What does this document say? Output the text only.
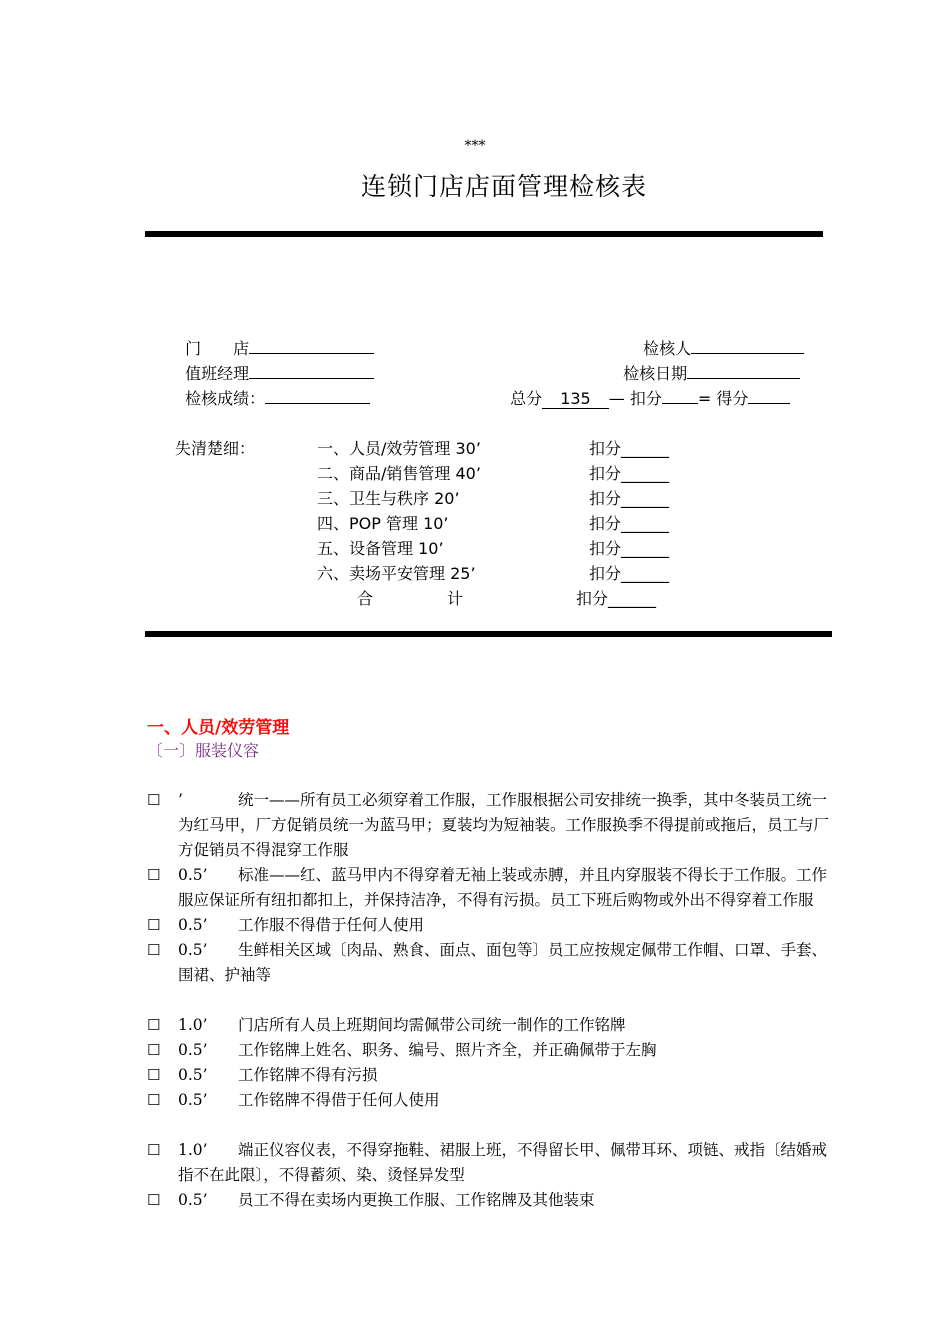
***
连锁门店店面管理检核表

门　　店

值班经理

检核成绩：

检核人

检核日期

总分 135 — 扣分 = 得分

失清楚细：	一、人员/效劳管理 30’	扣分______
二、商品/销售管理 40’	扣分______
三、卫生与秩序 20’	扣分______
四、POP 管理 10’	扣分______
五、设备管理 10’	扣分______
六、卖场平安管理 25’	扣分______
合	计	扣分______
一、人员/效劳管理
〔一〕服装仪容
☐ ’	统一——所有员工必须穿着工作服，工作服根据公司安排统一换季，其中冬装员工统一为红马甲，厂方促销员统一为蓝马甲；夏装均为短袖装。工作服换季不得提前或拖后，员工与厂方促销员不得混穿工作服
☐ 0.5’ 标准——红、蓝马甲内不得穿着无袖上装或赤膊，并且内穿服装不得长于工作服。工作服应保证所有纽扣都扣上，并保持洁净，不得有污损。员工下班后购物或外出不得穿着工作服
☐ 0.5’ 工作服不得借于任何人使用
☐ 0.5’ 生鲜相关区域〔肉品、熟食、面点、面包等〕员工应按规定佩带工作帽、口罩、手套、围裙、护袖等
☐ 1.0’ 门店所有人员上班期间均需佩带公司统一制作的工作铭牌
☐ 0.5’ 工作铭牌上姓名、职务、编号、照片齐全，并正确佩带于左胸
☐ 0.5’ 工作铭牌不得有污损
☐ 0.5’ 工作铭牌不得借于任何人使用
☐ 1.0’ 端正仪容仪表，不得穿拖鞋、裙服上班，不得留长甲、佩带耳环、项链、戒指〔结婚戒指不在此限〕，不得蓄须、染、烫怪异发型
☐ 0.5’ 员工不得在卖场内更换工作服、工作铭牌及其他装束
